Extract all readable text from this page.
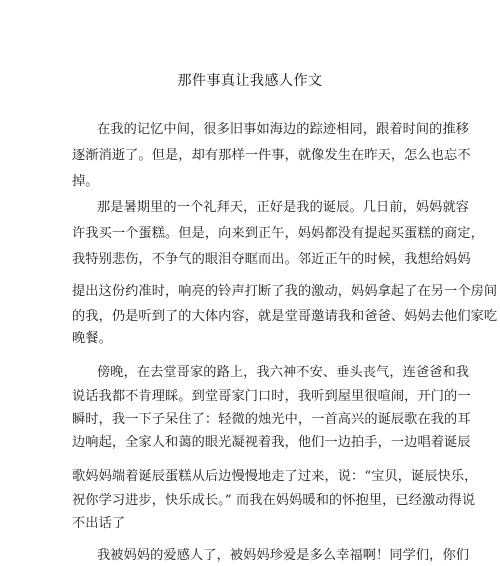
那件事真让我感人作文
在我的记忆中间，很多旧事如海边的踪迹相同，跟着时间的推移
逐渐消逝了。但是，却有那样一件事，就像发生在昨天，怎么也忘不
掉。
那是暑期里的一个礼拜天，正好是我的诞辰。几日前，妈妈就容
许我买一个蛋糕。但是，向来到正午，妈妈都没有提起买蛋糕的商定，
我特别悲伤，不争气的眼泪夺眶而出。邻近正午的时候，我想给妈妈
提出这份约准时，响亮的铃声打断了我的激动，妈妈拿起了在另一个房间
的我，仍是听到了的大体内容，就是堂哥邀请我和爸爸、妈妈去他们家吃
晚餐。
傍晚，在去堂哥家的路上，我六神不安、垂头丧气，连爸爸和我
说话我都不肯理睬。到堂哥家门口时，我听到屋里很喧闹，开门的一
瞬时，我一下子呆住了：轻微的烛光中，一首高兴的诞辰歌在我的耳
边响起，全家人和蔼的眼光凝视着我，他们一边拍手，一边唱着诞辰
歌妈妈端着诞辰蛋糕从后边慢慢地走了过来，说：“宝贝，诞辰快乐，
祝你学习进步，快乐成长。” 而我在妈妈暖和的怀抱里，已经激动得说
不出话了
我被妈妈的爱感人了，被妈妈珍爱是多么幸福啊！同学们，你们
